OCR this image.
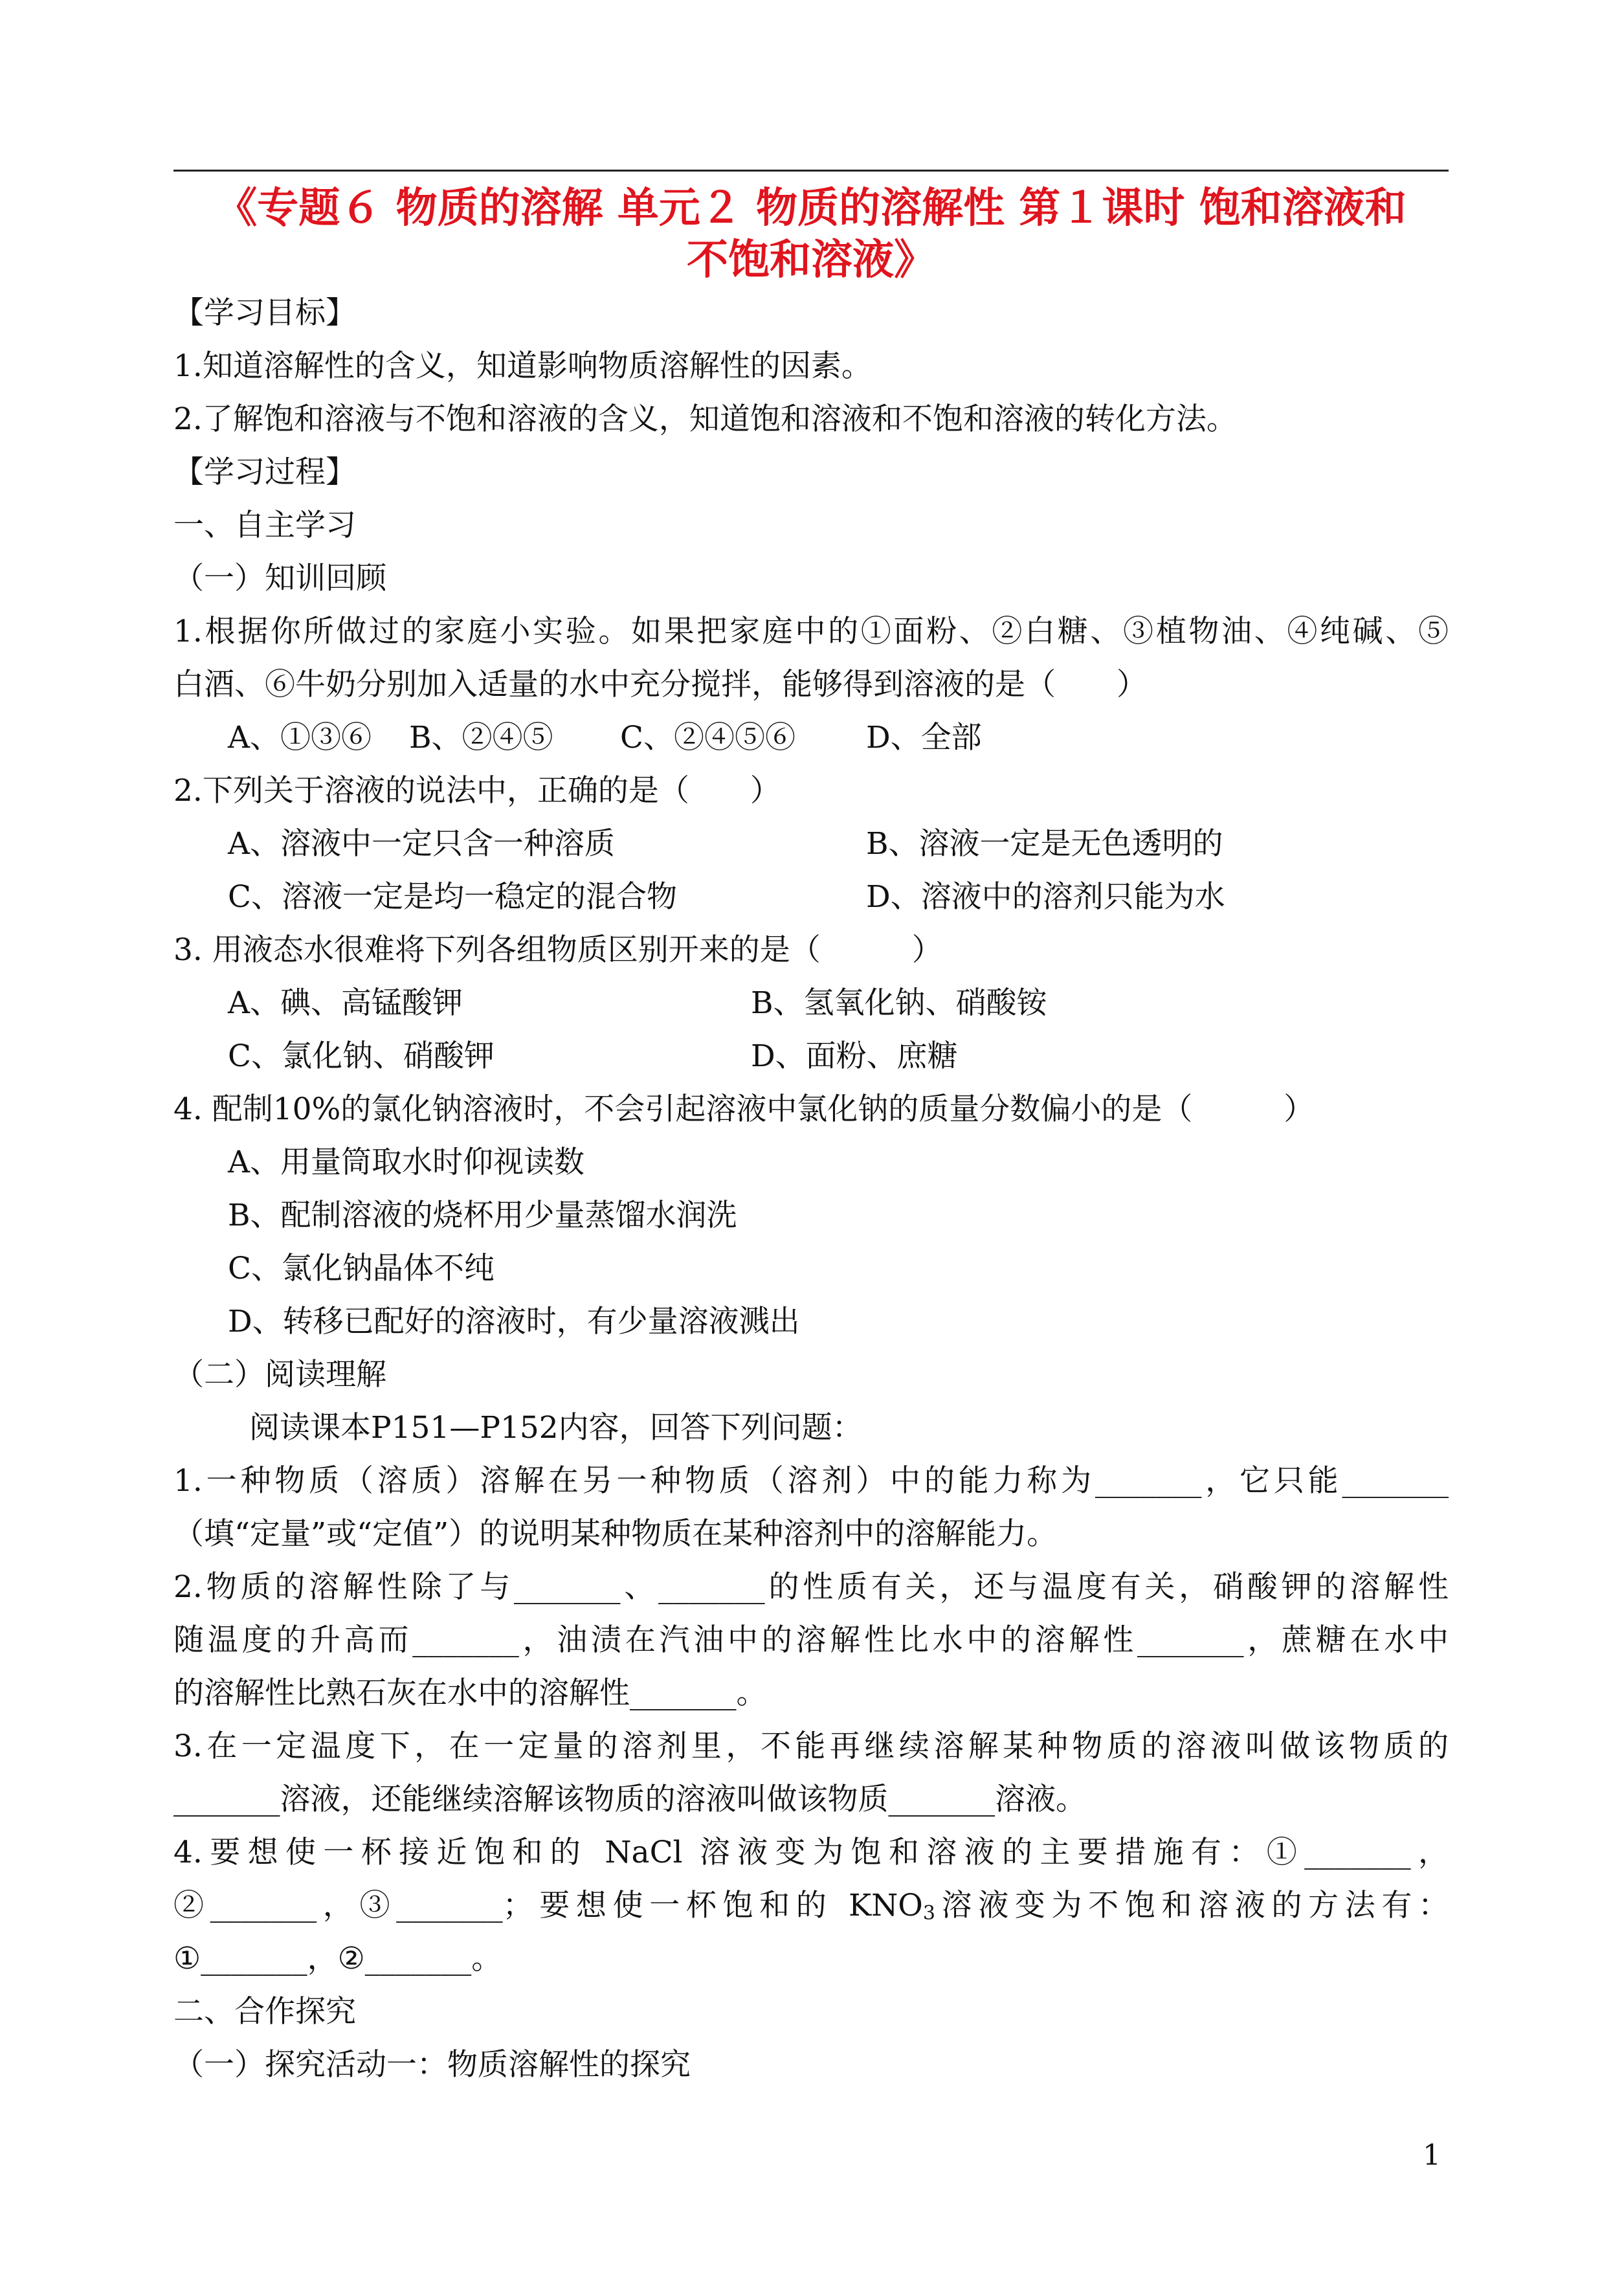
《专题６ 物质的溶解 单元２ 物质的溶解性 第１课时 饱和溶液和
不饱和溶液》
【学习目标】
1.知道溶解性的含义，知道影响物质溶解性的因素。
2.了解饱和溶液与不饱和溶液的含义，知道饱和溶液和不饱和溶液的转化方法。
【学习过程】
一、自主学习
（一）知训回顾
1.根据你所做过的家庭小实验。如果把家庭中的①面粉、②白糖、③植物油、④纯碱、⑤
白酒、⑥牛奶分别加入适量的水中充分搅拌，能够得到溶液的是（　　）
A、①③⑥ B、②④⑤ C、②④⑤⑥ D、全部
2.下列关于溶液的说法中，正确的是（　　）
A、溶液中一定只含一种溶质	B、溶液一定是无色透明的
C、溶液一定是均一稳定的混合物	D、溶液中的溶剂只能为水
3. 用液态水很难将下列各组物质区别开来的是（　　　）
A、碘、高锰酸钾	B、氢氧化钠、硝酸铵
C、氯化钠、硝酸钾	D、面粉、庶糖
4. 配制10%的氯化钠溶液时，不会引起溶液中氯化钠的质量分数偏小的是（　　　）
A、用量筒取水时仰视读数
B、配制溶液的烧杯用少量蒸馏水润洗
C、氯化钠晶体不纯
D、转移已配好的溶液时，有少量溶液溅出
（二）阅读理解
阅读课本P151—P152内容，回答下列问题：
1.一种物质（溶质）溶解在另一种物质（溶剂）中的能力称为_______，它只能_______
（填“定量”或“定值”）的说明某种物质在某种溶剂中的溶解能力。
2.物质的溶解性除了与_______、_______的性质有关，还与温度有关，硝酸钾的溶解性
随温度的升高而_______，油渍在汽油中的溶解性比水中的溶解性_______，蔗糖在水中
的溶解性比熟石灰在水中的溶解性_______。
3.在一定温度下，在一定量的溶剂里，不能再继续溶解某种物质的溶液叫做该物质的
_______溶液，还能继续溶解该物质的溶液叫做该物质_______溶液。
4.要想使一杯接近饱和的 NaCl 溶液变为饱和溶液的主要措施有：①_______，
②_______，③_______；要想使一杯饱和的 $KNO_3$溶液变为不饱和溶液的方法有：
①_______，②_______。
二、合作探究
（一）探究活动一：物质溶解性的探究
1
